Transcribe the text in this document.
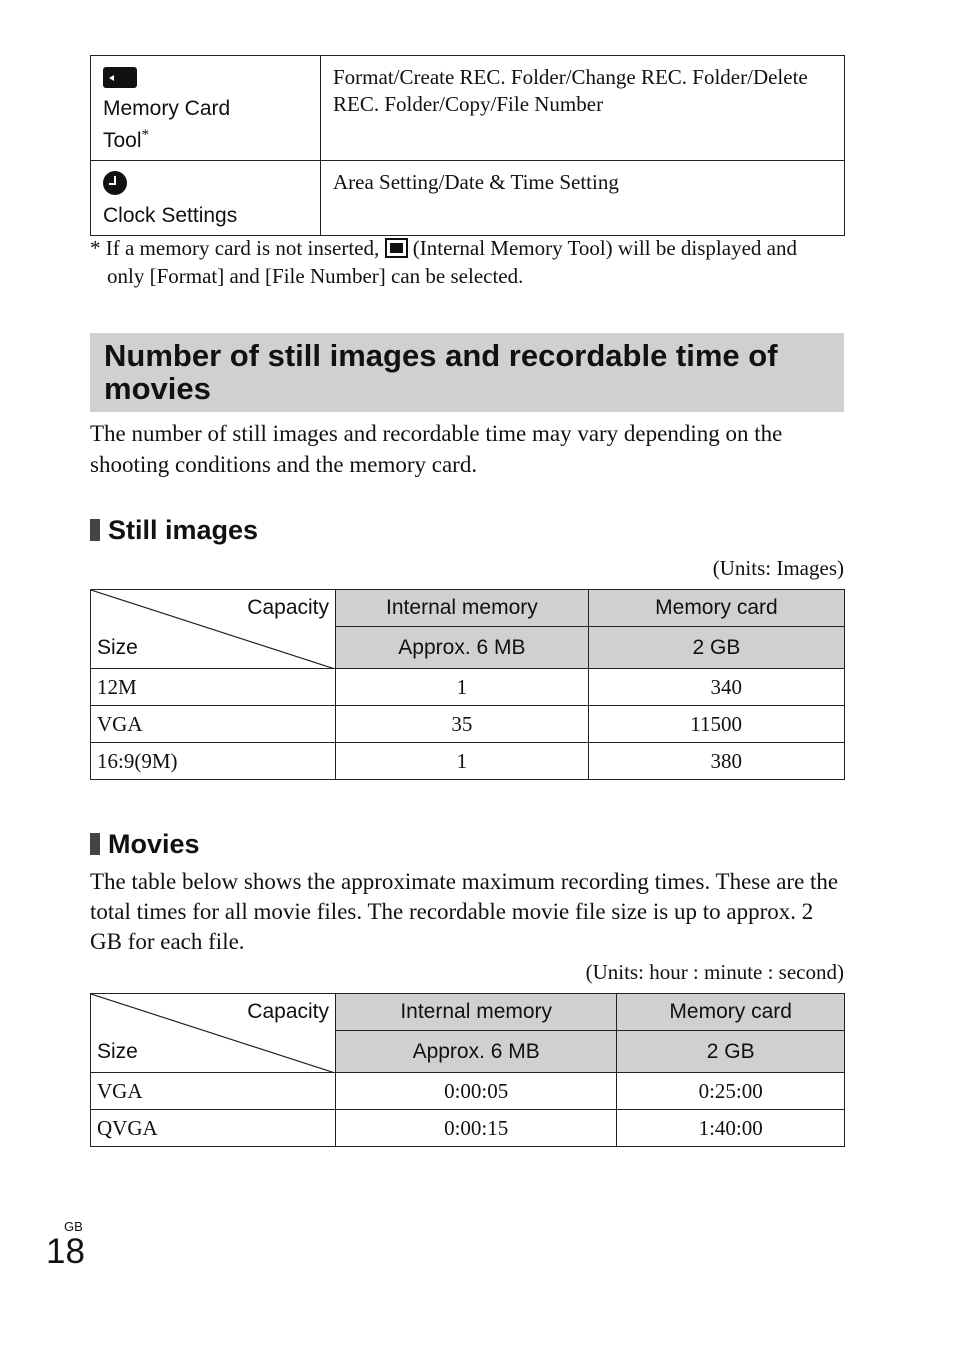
Memory Card
Tool*	Format/Create REC. Folder/Change REC. Folder/Delete REC. Folder/Copy/File Number

Clock Settings	Area Setting/Date & Time Setting
* If a memory card is not inserted, (Internal Memory Tool) will be displayed and
only [Format] and [File Number] can be selected.
Number of still images and recordable time of movies
The number of still images and recordable time may vary depending on the shooting conditions and the memory card.
Still images
(Units: Images)
Capacity
Size	Internal memory	Memory card
	Approx. 6 MB	2 GB
12M	1	340
VGA	35	11500
16:9(9M)	1	380
Movies
The table below shows the approximate maximum recording times. These are the total times for all movie files. The recordable movie file size is up to approx. 2 GB for each file.
(Units: hour : minute : second)
Capacity
Size	Internal memory	Memory card
	Approx. 6 MB	2 GB
VGA	0:00:05	0:25:00
QVGA	0:00:15	1:40:00
GB
18
